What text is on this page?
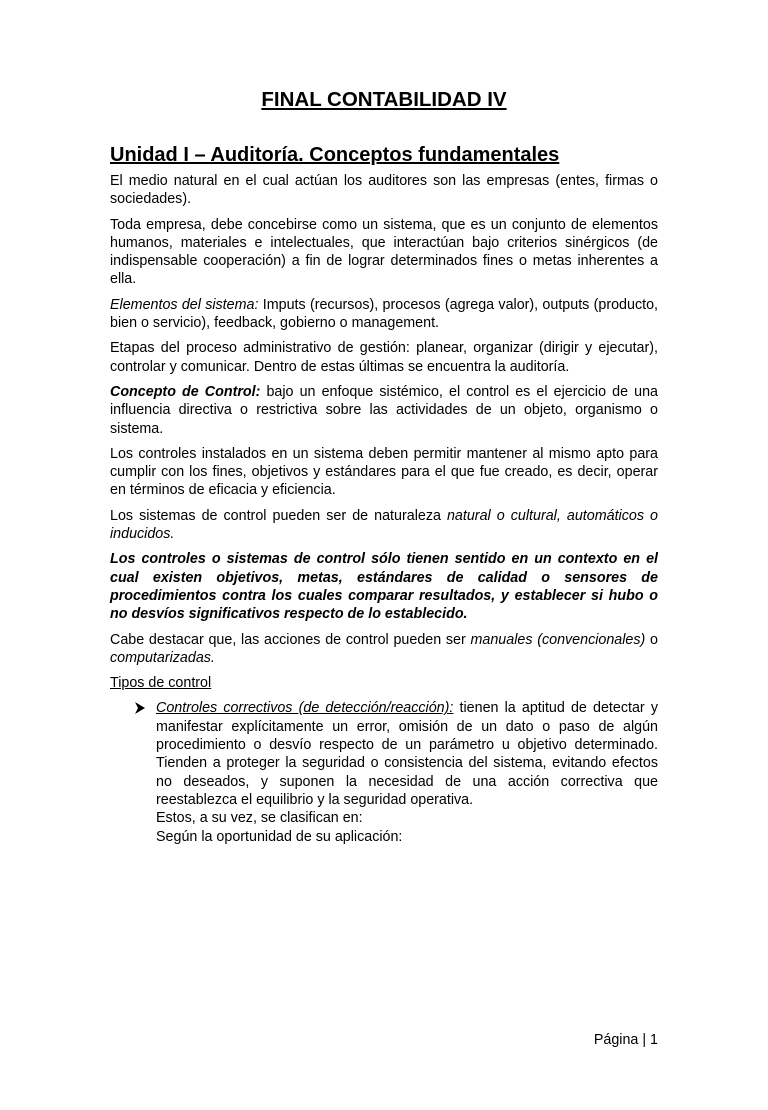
FINAL CONTABILIDAD IV
Unidad I – Auditoría. Conceptos fundamentales

El medio natural en el cual actúan los auditores son las empresas (entes, firmas o sociedades).

Toda empresa, debe concebirse como un sistema, que es un conjunto de elementos humanos, materiales e intelectuales, que interactúan bajo criterios sinérgicos (de indispensable cooperación) a fin de lograr determinados fines o metas inherentes a ella.

Elementos del sistema: Imputs (recursos), procesos (agrega valor), outputs (producto, bien o servicio), feedback, gobierno o management.

Etapas del proceso administrativo de gestión: planear, organizar (dirigir y ejecutar), controlar y comunicar. Dentro de estas últimas se encuentra la auditoría.

Concepto de Control: bajo un enfoque sistémico, el control es el ejercicio de una influencia directiva o restrictiva sobre las actividades de un objeto, organismo o sistema.

Los controles instalados en un sistema deben permitir mantener al mismo apto para cumplir con los fines, objetivos y estándares para el que fue creado, es decir, operar en términos de eficacia y eficiencia.

Los sistemas de control pueden ser de naturaleza natural o cultural, automáticos o inducidos.

Los controles o sistemas de control sólo tienen sentido en un contexto en el cual existen objetivos, metas, estándares de calidad o sensores de procedimientos contra los cuales comparar resultados, y establecer si hubo o no desvíos significativos respecto de lo establecido.

Cabe destacar que, las acciones de control pueden ser manuales (convencionales) o computarizadas.

Tipos de control

Controles correctivos (de detección/reacción): tienen la aptitud de detectar y manifestar explícitamente un error, omisión de un dato o paso de algún procedimiento o desvío respecto de un parámetro u objetivo determinado. Tienden a proteger la seguridad o consistencia del sistema, evitando efectos no deseados, y suponen la necesidad de una acción correctiva que reestablezca el equilibrio y la seguridad operativa.

Estos, a su vez, se clasifican en:

Según la oportunidad de su aplicación:

Página | 1
